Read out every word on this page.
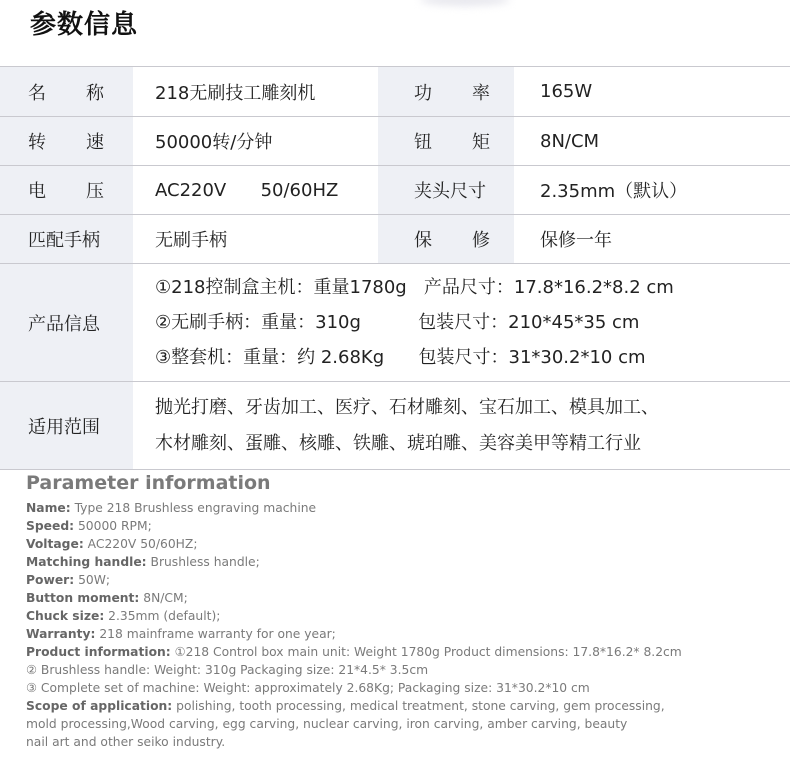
参数信息
名称	218无刷技工雕刻机	功率	165W
转速	50000转/分钟	钮矩	8N/CM
电压	AC220V      50/60HZ	夹头尺寸	2.35mm（默认）
匹配手柄	无刷手柄	保修	保修一年
产品信息	①218控制盒主机：重量1780g   产品尺寸：17.8*16.2*8.2 cm
②无刷手柄：重量：310g          包装尺寸：210*45*35 cm
③整套机：重量：约 2.68Kg      包装尺寸：31*30.2*10 cm		

适用范围	抛光打磨、牙齿加工、医疗、石材雕刻、宝石加工、模具加工、
木材雕刻、蛋雕、核雕、铁雕、琥珀雕、美容美甲等精工行业		
Parameter information
Name: Type 218 Brushless engraving machine
Speed: 50000 RPM;
Voltage: AC220V 50/60HZ;
Matching handle: Brushless handle;
Power: 50W;
Button moment: 8N/CM;
Chuck size: 2.35mm (default);
Warranty: 218 mainframe warranty for one year;
Product information: ①218 Control box main unit: Weight 1780g Product dimensions: 17.8*16.2* 8.2cm
② Brushless handle: Weight: 310g Packaging size: 21*4.5* 3.5cm
③ Complete set of machine: Weight: approximately 2.68Kg; Packaging size: 31*30.2*10 cm
Scope of application: polishing, tooth processing, medical treatment, stone carving, gem processing,
mold processing,Wood carving, egg carving, nuclear carving, iron carving, amber carving, beauty
nail art and other seiko industry.
